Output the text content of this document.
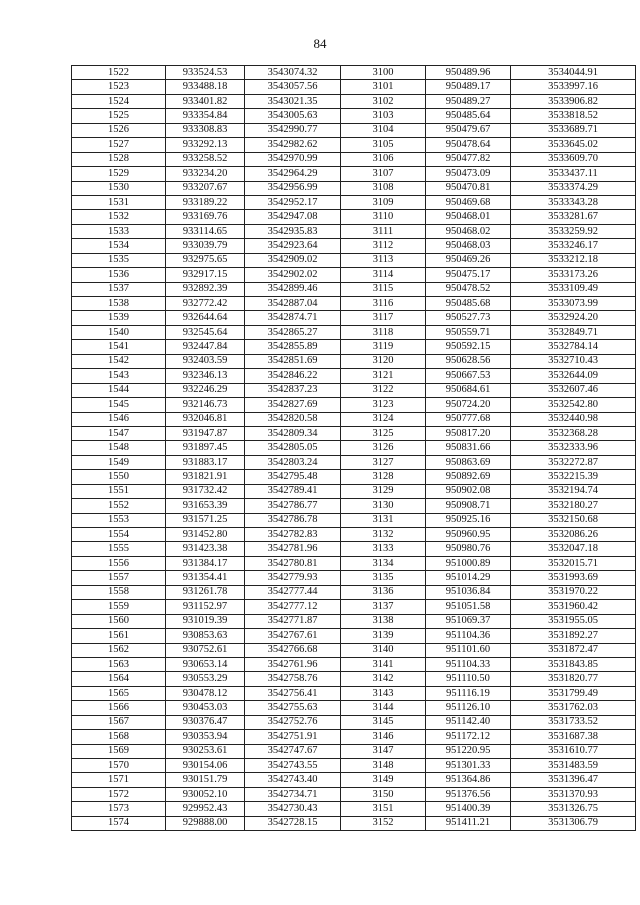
84
1522	933524.53	3543074.32	3100	950489.96	3534044.91
1523	933488.18	3543057.56	3101	950489.17	3533997.16
1524	933401.82	3543021.35	3102	950489.27	3533906.82
1525	933354.84	3543005.63	3103	950485.64	3533818.52
1526	933308.83	3542990.77	3104	950479.67	3533689.71
1527	933292.13	3542982.62	3105	950478.64	3533645.02
1528	933258.52	3542970.99	3106	950477.82	3533609.70
1529	933234.20	3542964.29	3107	950473.09	3533437.11
1530	933207.67	3542956.99	3108	950470.81	3533374.29
1531	933189.22	3542952.17	3109	950469.68	3533343.28
1532	933169.76	3542947.08	3110	950468.01	3533281.67
1533	933114.65	3542935.83	3111	950468.02	3533259.92
1534	933039.79	3542923.64	3112	950468.03	3533246.17
1535	932975.65	3542909.02	3113	950469.26	3533212.18
1536	932917.15	3542902.02	3114	950475.17	3533173.26
1537	932892.39	3542899.46	3115	950478.52	3533109.49
1538	932772.42	3542887.04	3116	950485.68	3533073.99
1539	932644.64	3542874.71	3117	950527.73	3532924.20
1540	932545.64	3542865.27	3118	950559.71	3532849.71
1541	932447.84	3542855.89	3119	950592.15	3532784.14
1542	932403.59	3542851.69	3120	950628.56	3532710.43
1543	932346.13	3542846.22	3121	950667.53	3532644.09
1544	932246.29	3542837.23	3122	950684.61	3532607.46
1545	932146.73	3542827.69	3123	950724.20	3532542.80
1546	932046.81	3542820.58	3124	950777.68	3532440.98
1547	931947.87	3542809.34	3125	950817.20	3532368.28
1548	931897.45	3542805.05	3126	950831.66	3532333.96
1549	931883.17	3542803.24	3127	950863.69	3532272.87
1550	931821.91	3542795.48	3128	950892.69	3532215.39
1551	931732.42	3542789.41	3129	950902.08	3532194.74
1552	931653.39	3542786.77	3130	950908.71	3532180.27
1553	931571.25	3542786.78	3131	950925.16	3532150.68
1554	931452.80	3542782.83	3132	950960.95	3532086.26
1555	931423.38	3542781.96	3133	950980.76	3532047.18
1556	931384.17	3542780.81	3134	951000.89	3532015.71
1557	931354.41	3542779.93	3135	951014.29	3531993.69
1558	931261.78	3542777.44	3136	951036.84	3531970.22
1559	931152.97	3542777.12	3137	951051.58	3531960.42
1560	931019.39	3542771.87	3138	951069.37	3531955.05
1561	930853.63	3542767.61	3139	951104.36	3531892.27
1562	930752.61	3542766.68	3140	951101.60	3531872.47
1563	930653.14	3542761.96	3141	951104.33	3531843.85
1564	930553.29	3542758.76	3142	951110.50	3531820.77
1565	930478.12	3542756.41	3143	951116.19	3531799.49
1566	930453.03	3542755.63	3144	951126.10	3531762.03
1567	930376.47	3542752.76	3145	951142.40	3531733.52
1568	930353.94	3542751.91	3146	951172.12	3531687.38
1569	930253.61	3542747.67	3147	951220.95	3531610.77
1570	930154.06	3542743.55	3148	951301.33	3531483.59
1571	930151.79	3542743.40	3149	951364.86	3531396.47
1572	930052.10	3542734.71	3150	951376.56	3531370.93
1573	929952.43	3542730.43	3151	951400.39	3531326.75
1574	929888.00	3542728.15	3152	951411.21	3531306.79
